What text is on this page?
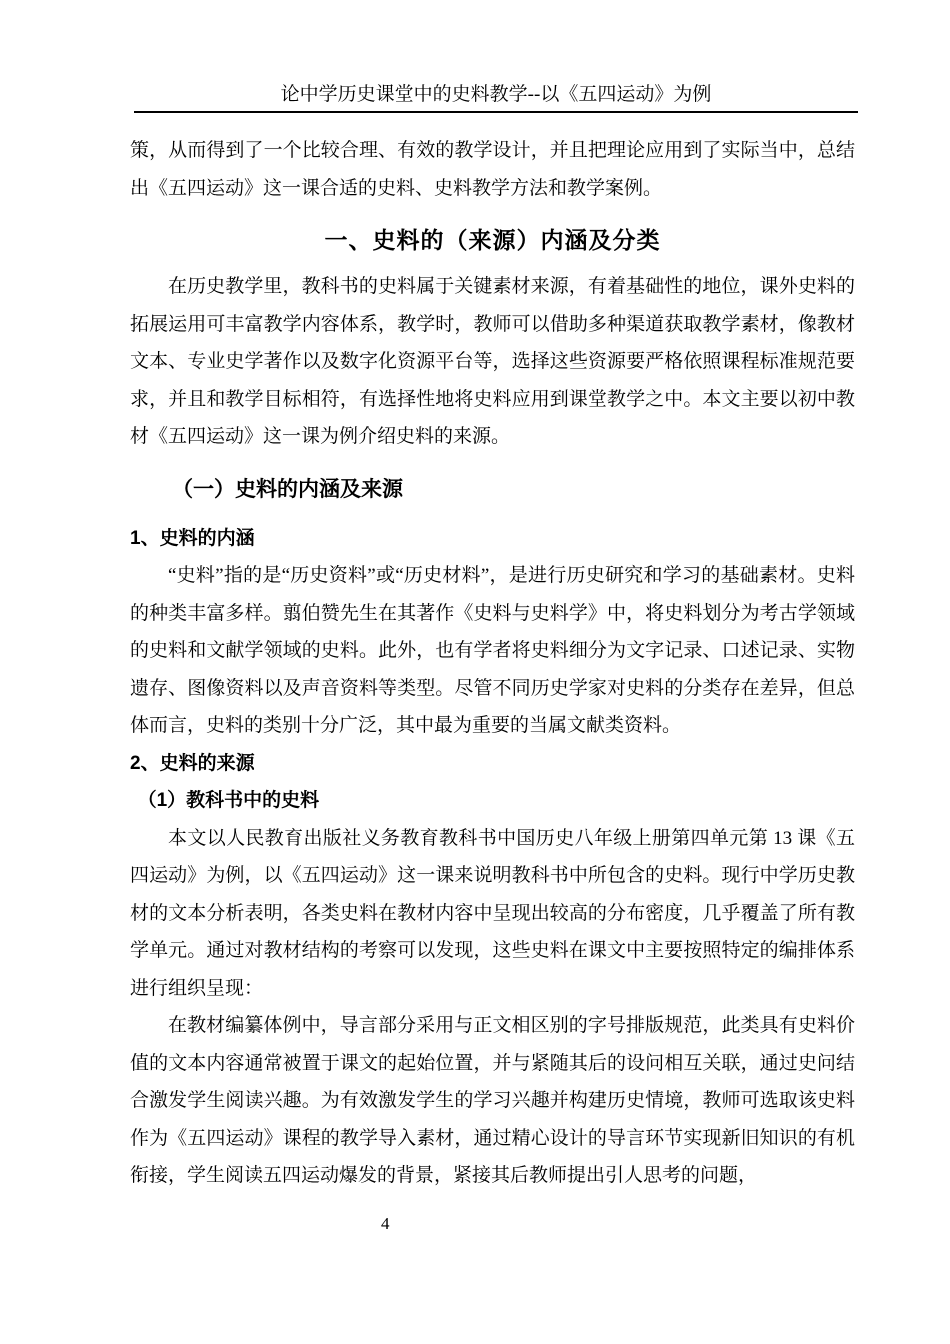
论中学历史课堂中的史料教学--以《五四运动》为例

策，从而得到了一个比较合理、有效的教学设计，并且把理论应用到了实际当中，总结出《五四运动》这一课合适的史料、史料教学方法和教学案例。

一、史料的（来源）内涵及分类

在历史教学里，教科书的史料属于关键素材来源，有着基础性的地位，课外史料的拓展运用可丰富教学内容体系，教学时，教师可以借助多种渠道获取教学素材，像教材文本、专业史学著作以及数字化资源平台等，选择这些资源要严格依照课程标准规范要求，并且和教学目标相符，有选择性地将史料应用到课堂教学之中。本文主要以初中教材《五四运动》这一课为例介绍史料的来源。

（一）史料的内涵及来源
1、史料的内涵

“史料”指的是“历史资料”或“历史材料”，是进行历史研究和学习的基础素材。史料的种类丰富多样。翦伯赞先生在其著作《史料与史料学》中，将史料划分为考古学领域的史料和文献学领域的史料。此外，也有学者将史料细分为文字记录、口述记录、实物遗存、图像资料以及声音资料等类型。尽管不同历史学家对史料的分类存在差异，但总体而言，史料的类别十分广泛，其中最为重要的当属文献类资料。

2、史料的来源
（1）教科书中的史料

本文以人民教育出版社义务教育教科书中国历史八年级上册第四单元第 13 课《五四运动》为例，以《五四运动》这一课来说明教科书中所包含的史料。现行中学历史教材的文本分析表明，各类史料在教材内容中呈现出较高的分布密度，几乎覆盖了所有教学单元。通过对教材结构的考察可以发现，这些史料在课文中主要按照特定的编排体系进行组织呈现：

在教材编纂体例中，导言部分采用与正文相区别的字号排版规范，此类具有史料价值的文本内容通常被置于课文的起始位置，并与紧随其后的设问相互关联，通过史问结合激发学生阅读兴趣。为有效激发学生的学习兴趣并构建历史情境，教师可选取该史料作为《五四运动》课程的教学导入素材，通过精心设计的导言环节实现新旧知识的有机衔接，学生阅读五四运动爆发的背景，紧接其后教师提出引人思考的问题，

4
